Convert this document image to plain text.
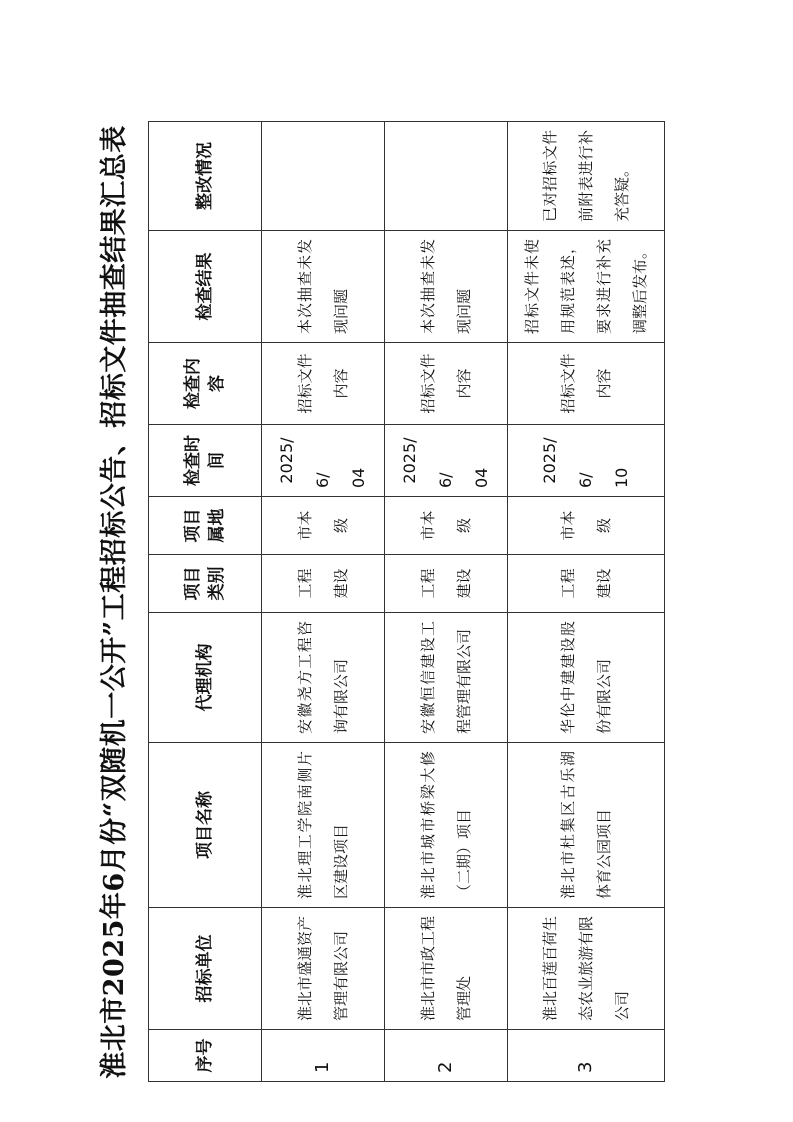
淮北市2025年6月份“双随机一公开”工程招标公告、招标文件抽查结果汇总表	序号	招标单位	项目名称	代理机构	项目类别	项目属地	检查时间	检查内容	检查结果	整改情况
1	淮北市盛通资产管理有限公司	淮北理工学院南侧片区建设项目	安徽尧方工程咨询有限公司	工程建设	市本级	2025/6/ 04	招标文件内容	本次抽查未发现问题	
2	淮北市市政工程管理处	淮北市城市桥梁大修（二期）项目	安徽恒信建设工程管理有限公司	工程建设	市本级	2025/6/ 04	招标文件内容	本次抽查未发现问题	
3	淮北百莲百荷生态农业旅游有限公司	淮北市杜集区古乐湖体育公园项目	华伦中建建设股份有限公司	工程建设	市本级	2025/6/ 10	招标文件内容	招标文件未使用规范表述，要求进行补充调整后发布。	已对招标文件前附表进行补充答疑。
